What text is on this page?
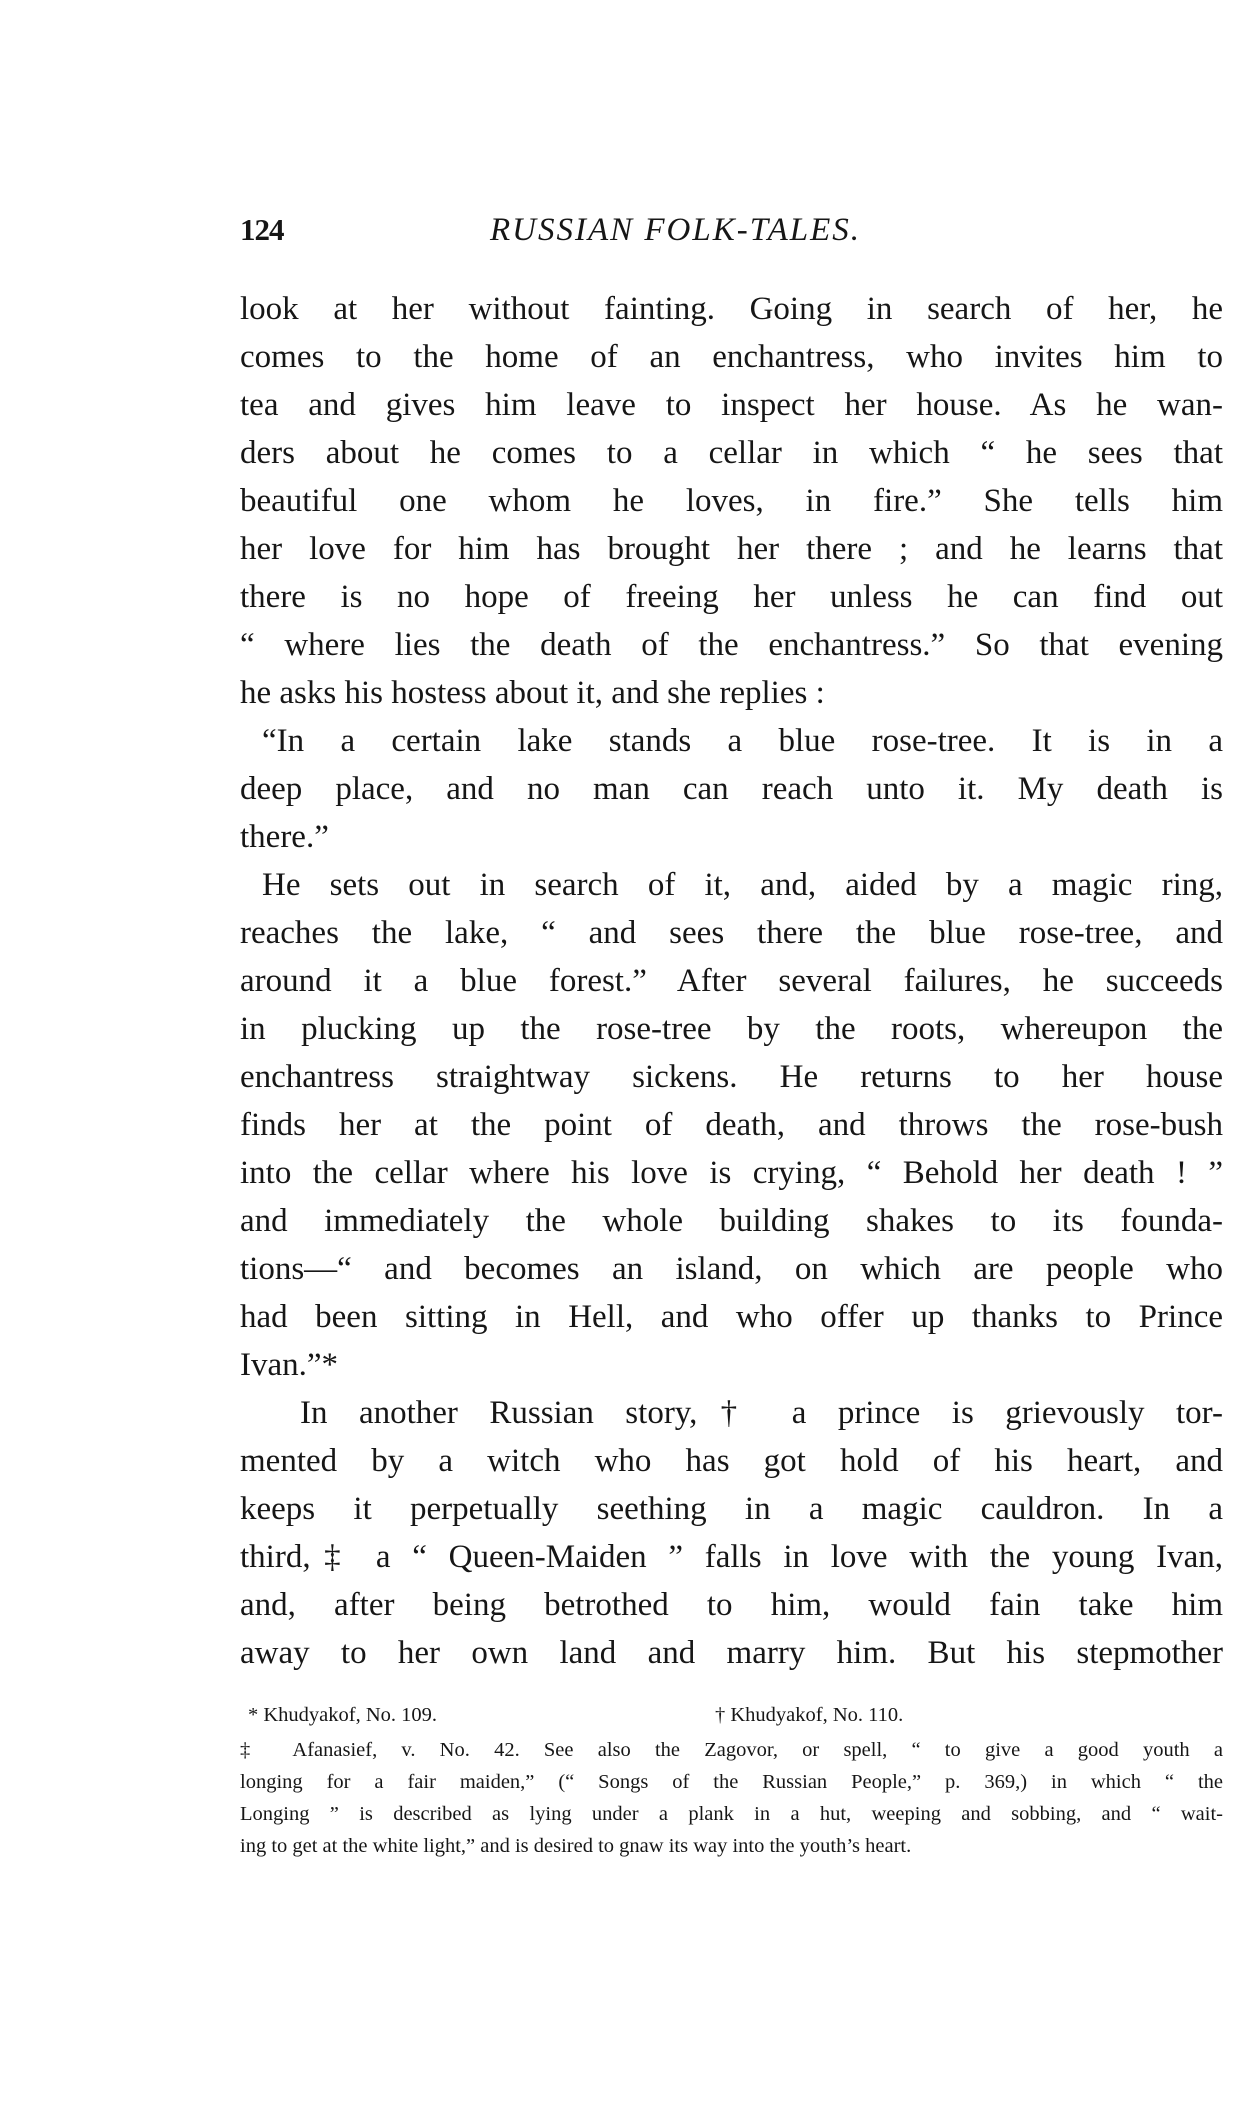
124	RUSSIAN FOLK-TALES.
look at her without fainting. Going in search of her, he
comes to the home of an enchantress, who invites him to
tea and gives him leave to inspect her house. As he wan-
ders about he comes to a cellar in which “ he sees that
beautiful one whom he loves, in fire.” She tells him
her love for him has brought her there ; and he learns that
there is no hope of freeing her unless he can find out
“ where lies the death of the enchantress.” So that evening
he asks his hostess about it, and she replies :
“In a certain lake stands a blue rose-tree. It is in a
deep place, and no man can reach unto it. My death is
there.”
He sets out in search of it, and, aided by a magic ring,
reaches the lake, “ and sees there the blue rose-tree, and
around it a blue forest.” After several failures, he succeeds
in plucking up the rose-tree by the roots, whereupon the
enchantress straightway sickens. He returns to her house
finds her at the point of death, and throws the rose-bush
into the cellar where his love is crying, “ Behold her death ! ”
and immediately the whole building shakes to its founda-
tions—“ and becomes an island, on which are people who
had been sitting in Hell, and who offer up thanks to Prince
Ivan.”*
In another Russian story,† a prince is grievously tor-
mented by a witch who has got hold of his heart, and
keeps it perpetually seething in a magic cauldron. In a
third,‡ a “ Queen-Maiden ” falls in love with the young Ivan,
and, after being betrothed to him, would fain take him
away to her own land and marry him. But his stepmother
* Khudyakof, No. 109.	† Khudyakof, No. 110.
‡ Afanasief, v. No. 42. See also the Zagovor, or spell, “ to give a good youth a
longing for a fair maiden,” (“ Songs of the Russian People,” p. 369,) in which “ the
Longing ” is described as lying under a plank in a hut, weeping and sobbing, and “ wait-
ing to get at the white light,” and is desired to gnaw its way into the youth’s heart.
